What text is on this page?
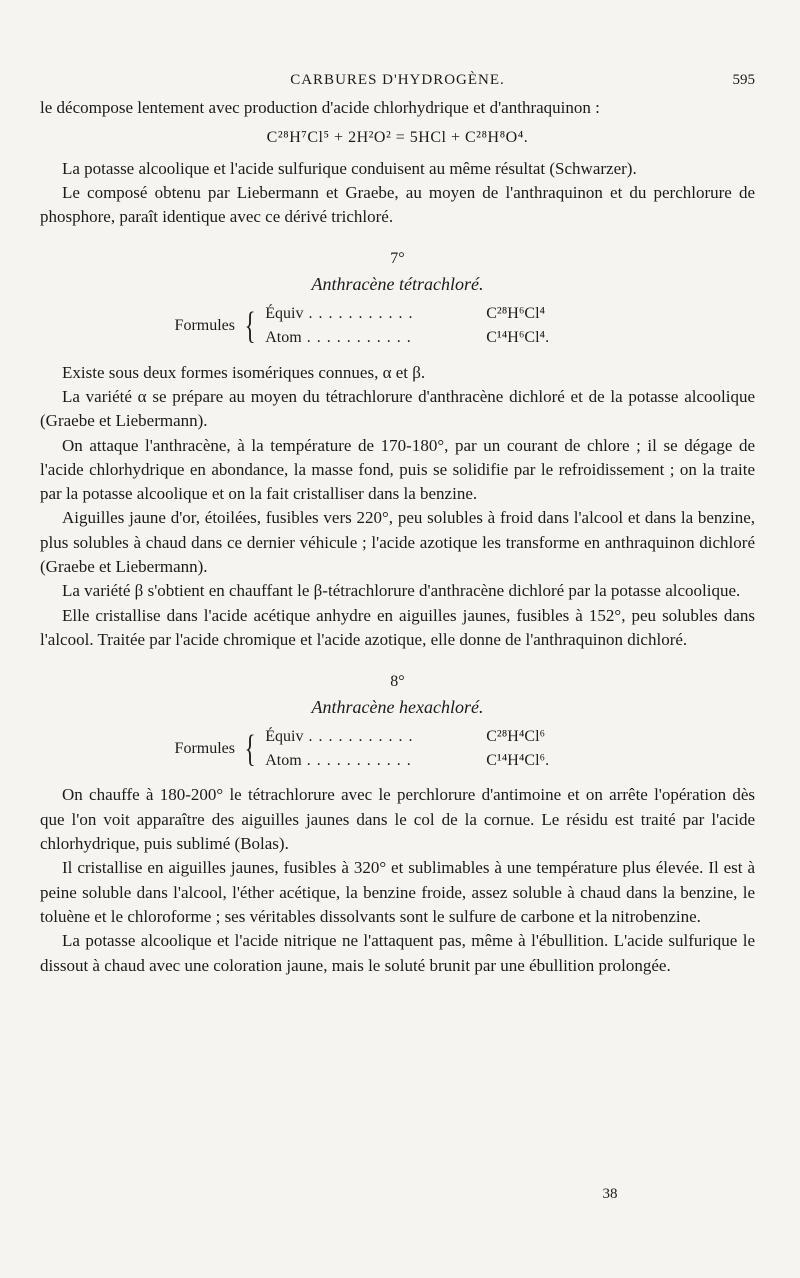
CARBURES D'HYDROGÈNE.	595

le décompose lentement avec production d'acide chlorhydrique et d'anthraquinon :

C²⁸H⁷Cl⁵ + 2H²O² = 5HCl + C²⁸H⁸O⁴.

La potasse alcoolique et l'acide sulfurique conduisent au même résultat (Schwarzer).

Le composé obtenu par Liebermann et Graebe, au moyen de l'anthraquinon et du perchlorure de phosphore, paraît identique avec ce dérivé trichloré.

7°
Anthracène tétrachloré.
Formules { Équiv . . .	C²⁸H⁶Cl⁴
Atom . . .	C¹⁴H⁶Cl⁴.

Existe sous deux formes isomériques connues, α et β.

La variété α se prépare au moyen du tétrachlorure d'anthracène dichloré et de la potasse alcoolique (Graebe et Liebermann).

On attaque l'anthracène, à la température de 170-180°, par un courant de chlore ; il se dégage de l'acide chlorhydrique en abondance, la masse fond, puis se solidifie par le refroidissement ; on la traite par la potasse alcoolique et on la fait cristalliser dans la benzine.

Aiguilles jaune d'or, étoilées, fusibles vers 220°, peu solubles à froid dans l'alcool et dans la benzine, plus solubles à chaud dans ce dernier véhicule ; l'acide azotique les transforme en anthraquinon dichloré (Graebe et Liebermann).

La variété β s'obtient en chauffant le β-tétrachlorure d'anthracène dichloré par la potasse alcoolique.

Elle cristallise dans l'acide acétique anhydre en aiguilles jaunes, fusibles à 152°, peu solubles dans l'alcool. Traitée par l'acide chromique et l'acide azotique, elle donne de l'anthraquinon dichloré.

8°
Anthracène hexachloré.
Formules { Équiv . . .	C²⁸H⁴Cl⁶
Atom . . .	C¹⁴H⁴Cl⁶.

On chauffe à 180-200° le tétrachlorure avec le perchlorure d'antimoine et on arrête l'opération dès que l'on voit apparaître des aiguilles jaunes dans le col de la cornue. Le résidu est traité par l'acide chlorhydrique, puis sublimé (Bolas).

Il cristallise en aiguilles jaunes, fusibles à 320° et sublimables à une température plus élevée. Il est à peine soluble dans l'alcool, l'éther acétique, la benzine froide, assez soluble à chaud dans la benzine, le toluène et le chloroforme ; ses véritables dissolvants sont le sulfure de carbone et la nitrobenzine.

La potasse alcoolique et l'acide nitrique ne l'attaquent pas, même à l'ébullition. L'acide sulfurique le dissout à chaud avec une coloration jaune, mais le soluté brunit par une ébullition prolongée.

38
